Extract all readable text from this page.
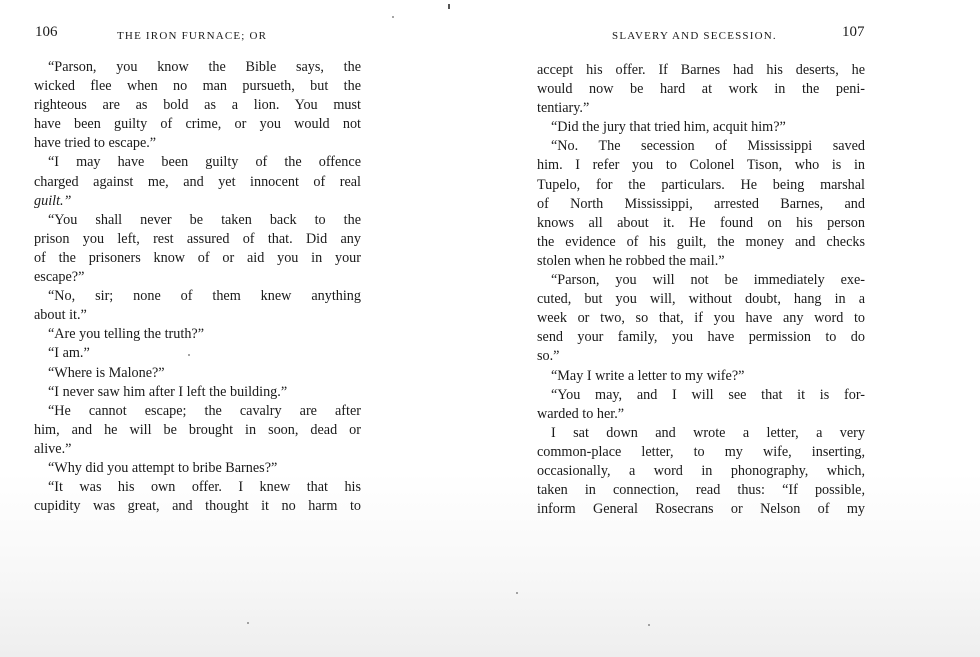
106	THE IRON FURNACE; OR
“Parson, you know the Bible says, the
wicked flee when no man pursueth, but the
righteous are as bold as a lion. You must
have been guilty of crime, or you would not
have tried to escape.”
“I may have been guilty of the offence
charged against me, and yet innocent of real
guilt.”
“You shall never be taken back to the
prison you left, rest assured of that. Did any
of the prisoners know of or aid you in your
escape?”
“No, sir; none of them knew anything
about it.”
“Are you telling the truth?”
“I am.”
“Where is Malone?”
“I never saw him after I left the building.”
“He cannot escape; the cavalry are after
him, and he will be brought in soon, dead or
alive.”
“Why did you attempt to bribe Barnes?”
“It was his own offer. I knew that his
cupidity was great, and thought it no harm to
SLAVERY AND SECESSION.	107
accept his offer. If Barnes had his deserts, he
would now be hard at work in the peni-
tentiary.”
“Did the jury that tried him, acquit him?”
“No. The secession of Mississippi saved
him. I refer you to Colonel Tison, who is in
Tupelo, for the particulars. He being marshal
of North Mississippi, arrested Barnes, and
knows all about it. He found on his person
the evidence of his guilt, the money and checks
stolen when he robbed the mail.”
“Parson, you will not be immediately exe-
cuted, but you will, without doubt, hang in a
week or two, so that, if you have any word to
send your family, you have permission to do
so.”
“May I write a letter to my wife?”
“You may, and I will see that it is for-
warded to her.”
I sat down and wrote a letter, a very
common-place letter, to my wife, inserting,
occasionally, a word in phonography, which,
taken in connection, read thus: “If possible,
inform General Rosecrans or Nelson of my
